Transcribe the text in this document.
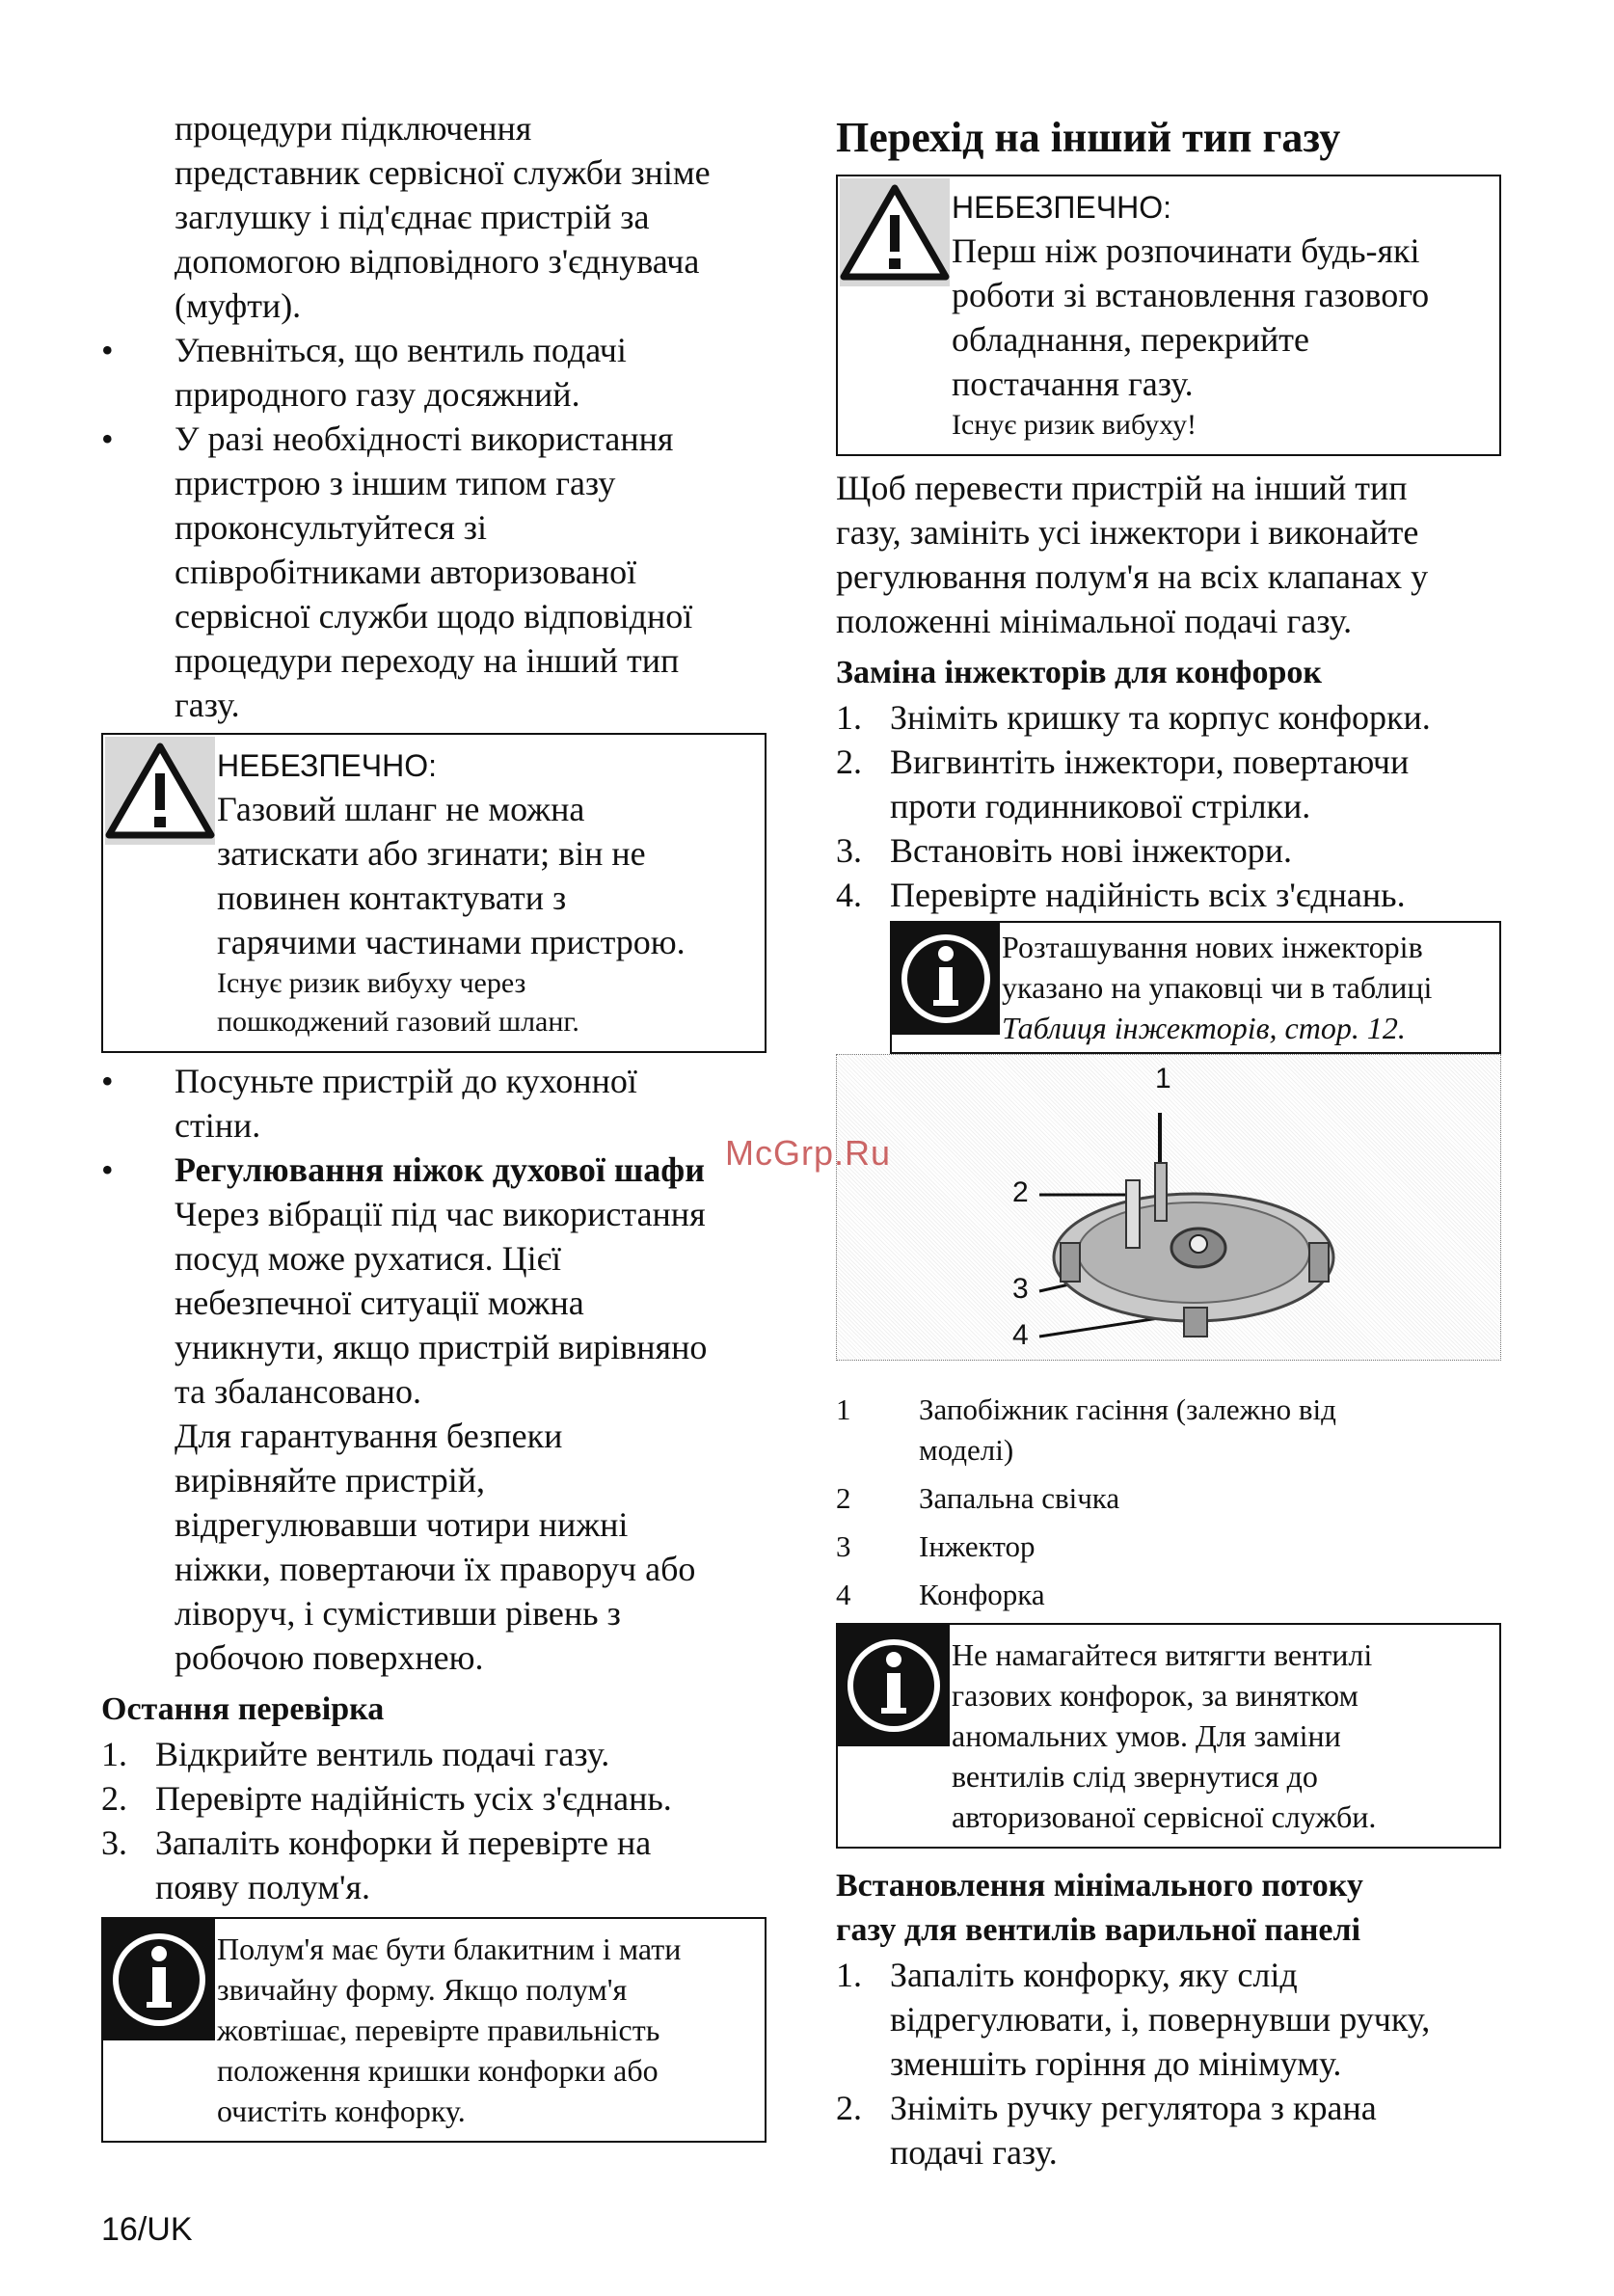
процедури підключення
представник сервісної служби зніме
заглушку і під'єднає пристрій за
допомогою відповідного з'єднувача
(муфти).
• Упевніться, що вентиль подачі
природного газу досяжний.
• У разі необхідності використання
пристрою з іншим типом газу
проконсультуйтеся зі
співробітниками авторизованої
сервісної служби щодо відповідної
процедури переходу на інший тип
газу.
НЕБЕЗПЕЧНО:
Газовий шланг не можна
затискати або згинати; він не
повинен контактувати з
гарячими частинами пристрою.
Існує ризик вибуху через
пошкоджений газовий шланг.
• Посуньте пристрій до кухонної
стіни.
• Регулювання ніжок духової шафи
Через вібрації під час використання
посуд може рухатися. Цієї
небезпечної ситуації можна
уникнути, якщо пристрій вирівняно
та збалансовано.
Для гарантування безпеки
вирівняйте пристрій,
відрегулювавши чотири нижні
ніжки, повертаючи їх праворуч або
ліворуч, і сумістивши рівень з
робочою поверхнею.
Остання перевірка
1. Відкрийте вентиль подачі газу.
2. Перевірте надійність усіх з'єднань.
3. Запаліть конфорки й перевірте на
появу полум'я.
Полум'я має бути блакитним і мати
звичайну форму. Якщо полум'я
жовтішає, перевірте правильність
положення кришки конфорки або
очистіть конфорку.
Перехід на інший тип газу
НЕБЕЗПЕЧНО:
Перш ніж розпочинати будь-які
роботи зі встановлення газового
обладнання, перекрийте
постачання газу.
Існує ризик вибуху!
Щоб перевести пристрій на інший тип
газу, замініть усі інжектори і виконайте
регулювання полум'я на всіх клапанах у
положенні мінімальної подачі газу.
Заміна інжекторів для конфорок
1. Зніміть кришку та корпус конфорки.
2. Вигвинтіть інжектори, повертаючи
проти годинникової стрілки.
3. Встановіть нові інжектори.
4. Перевірте надійність всіх з'єднань.
Розташування нових інжекторів
указано на упаковці чи в таблиці
Таблиця інжекторів, стор. 12.
1
2
3
4
1 Запобіжник гасіння (залежно від
моделі)
2 Запальна свічка
3 Інжектор
4 Конфорка
Не намагайтеся витягти вентилі
газових конфорок, за винятком
аномальних умов. Для заміни
вентилів слід звернутися до
авторизованої сервісної служби.
Встановлення мінімального потоку
газу для вентилів варильної панелі
1. Запаліть конфорку, яку слід
відрегулювати, і, повернувши ручку,
зменшіть горіння до мінімуму.
2. Зніміть ручку регулятора з крана
подачі газу.
McGrp.Ru
16/UK
